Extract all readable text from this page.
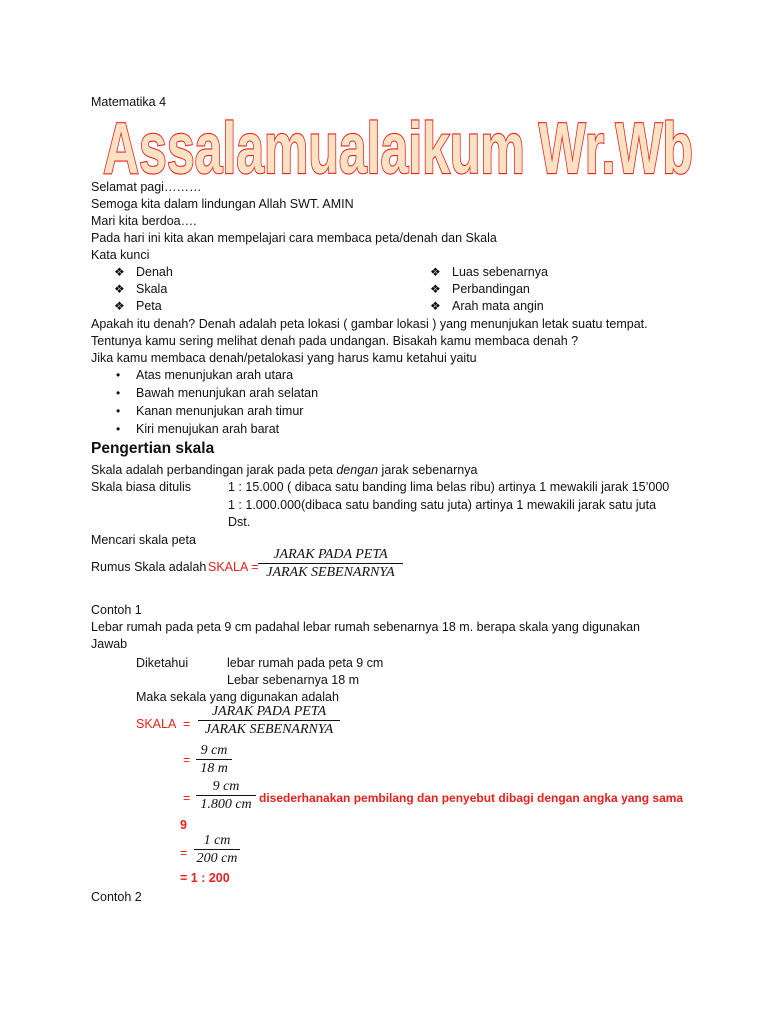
Matematika 4
Assalamualaikum Wr.Wb
Selamat pagi………
Semoga kita dalam lindungan Allah SWT. AMIN
Mari kita berdoa….
Pada hari ini kita akan mempelajari cara membaca peta/denah dan Skala
Kata kunci
❖ Denah
❖ Skala
❖ Peta
❖ Luas sebenarnya
❖ Perbandingan
❖ Arah mata angin
Apakah itu denah? Denah adalah peta lokasi ( gambar lokasi ) yang menunjukan letak suatu tempat.
Tentunya kamu sering melihat denah pada undangan. Bisakah kamu membaca denah ?
Jika kamu membaca denah/petalokasi yang harus kamu ketahui yaitu
• Atas menunjukan arah utara
• Bawah menunjukan arah selatan
• Kanan menunjukan arah timur
• Kiri menujukan arah barat
Pengertian skala
Skala adalah perbandingan jarak pada peta dengan jarak sebenarnya
Skala biasa ditulis	1 : 15.000 ( dibaca satu banding lima belas ribu) artinya 1 mewakili jarak 15’000
1 : 1.000.000(dibaca satu banding satu juta) artinya 1 mewakili jarak satu juta
Dst.
Mencari skala peta
Rumus Skala adalah SKALA =
JARAK PADA PETA
JARAK SEBENARNYA
Contoh 1
Lebar rumah pada peta 9 cm padahal lebar rumah sebenarnya 18 m. berapa skala yang digunakan
Jawab
Diketahui	lebar rumah pada peta 9 cm
Lebar sebenarnya 18 m
Maka sekala yang digunakan adalah
SKALA =
JARAK PADA PETA
JARAK SEBENARNYA
=
9 cm
18 m
=
9 cm
1.800 cm disederhanakan pembilang dan penyebut dibagi dengan angka yang sama
9
=
1 cm
200 cm
= 1 : 200
Contoh 2
